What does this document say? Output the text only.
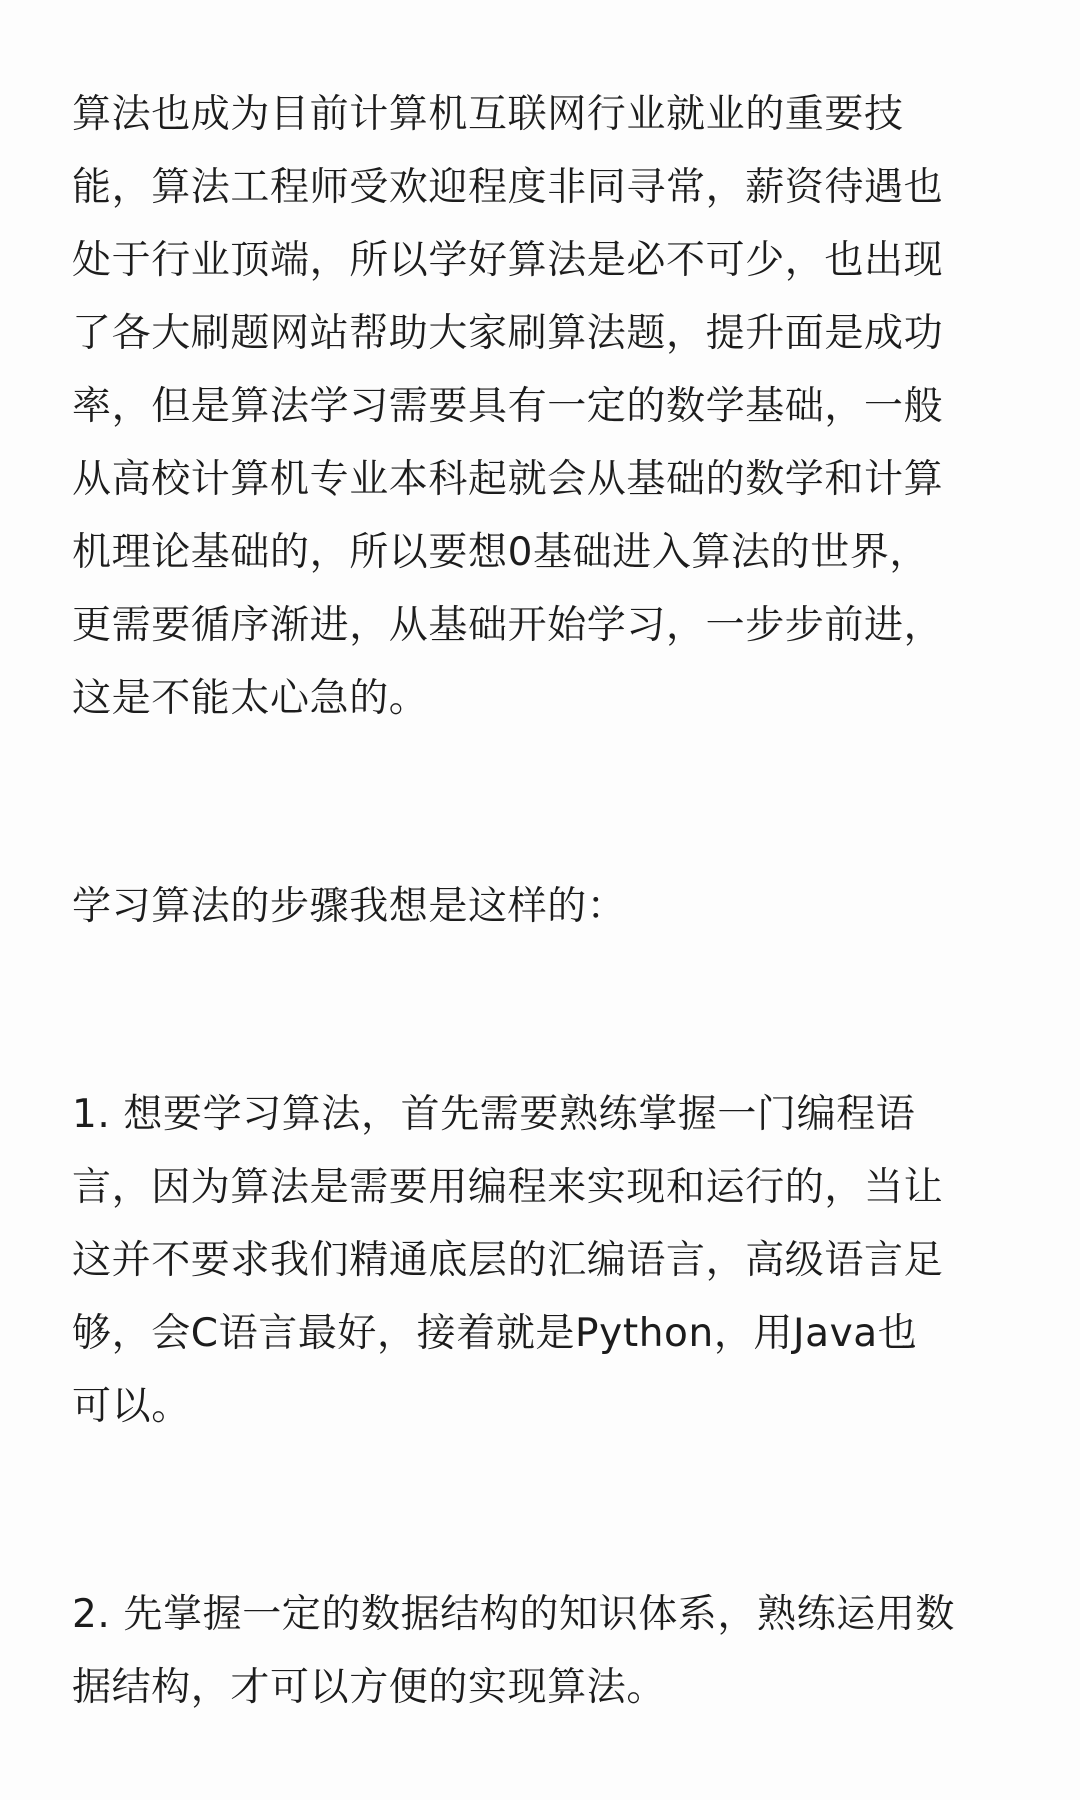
算法也成为目前计算机互联网行业就业的重要技
能，算法工程师受欢迎程度非同寻常，薪资待遇也
处于行业顶端，所以学好算法是必不可少，也出现
了各大刷题网站帮助大家刷算法题，提升面是成功
率，但是算法学习需要具有一定的数学基础，一般
从高校计算机专业本科起就会从基础的数学和计算
机理论基础的，所以要想0基础进入算法的世界，
更需要循序渐进，从基础开始学习，一步步前进，
这是不能太心急的。

学习算法的步骤我想是这样的：

1. 想要学习算法，首先需要熟练掌握一门编程语
言，因为算法是需要用编程来实现和运行的，当让
这并不要求我们精通底层的汇编语言，高级语言足
够，会C语言最好，接着就是Python，用Java也
可以。

2. 先掌握一定的数据结构的知识体系，熟练运用数
据结构，才可以方便的实现算法。
